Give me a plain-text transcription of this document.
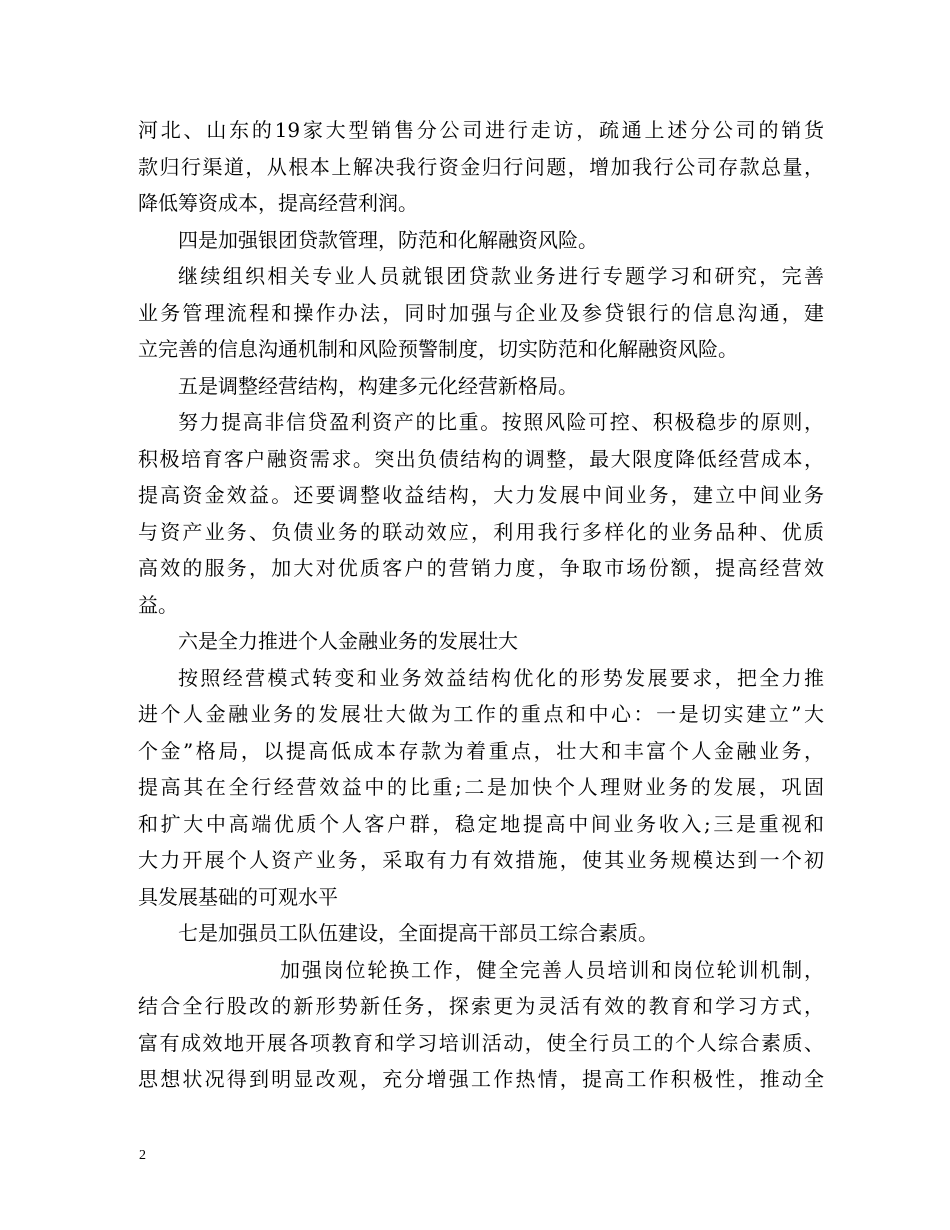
河北、山东的19家大型销售分公司进行走访，疏通上述分公司的销货
款归行渠道，从根本上解决我行资金归行问题，增加我行公司存款总量，
降低筹资成本，提高经营利润。
四是加强银团贷款管理，防范和化解融资风险。
继续组织相关专业人员就银团贷款业务进行专题学习和研究，完善
业务管理流程和操作办法，同时加强与企业及参贷银行的信息沟通，建
立完善的信息沟通机制和风险预警制度，切实防范和化解融资风险。
五是调整经营结构，构建多元化经营新格局。
努力提高非信贷盈利资产的比重。按照风险可控、积极稳步的原则，
积极培育客户融资需求。突出负债结构的调整，最大限度降低经营成本，
提高资金效益。还要调整收益结构，大力发展中间业务，建立中间业务
与资产业务、负债业务的联动效应，利用我行多样化的业务品种、优质
高效的服务，加大对优质客户的营销力度，争取市场份额，提高经营效
益。
六是全力推进个人金融业务的发展壮大
按照经营模式转变和业务效益结构优化的形势发展要求，把全力推
进个人金融业务的发展壮大做为工作的重点和中心：一是切实建立”大
个金”格局，以提高低成本存款为着重点，壮大和丰富个人金融业务，
提高其在全行经营效益中的比重;二是加快个人理财业务的发展，巩固
和扩大中高端优质个人客户群，稳定地提高中间业务收入;三是重视和
大力开展个人资产业务，采取有力有效措施，使其业务规模达到一个初
具发展基础的可观水平
七是加强员工队伍建设，全面提高干部员工综合素质。
加强岗位轮换工作，健全完善人员培训和岗位轮训机制，
结合全行股改的新形势新任务，探索更为灵活有效的教育和学习方式，
富有成效地开展各项教育和学习培训活动，使全行员工的个人综合素质、
思想状况得到明显改观，充分增强工作热情，提高工作积极性，推动全
2
